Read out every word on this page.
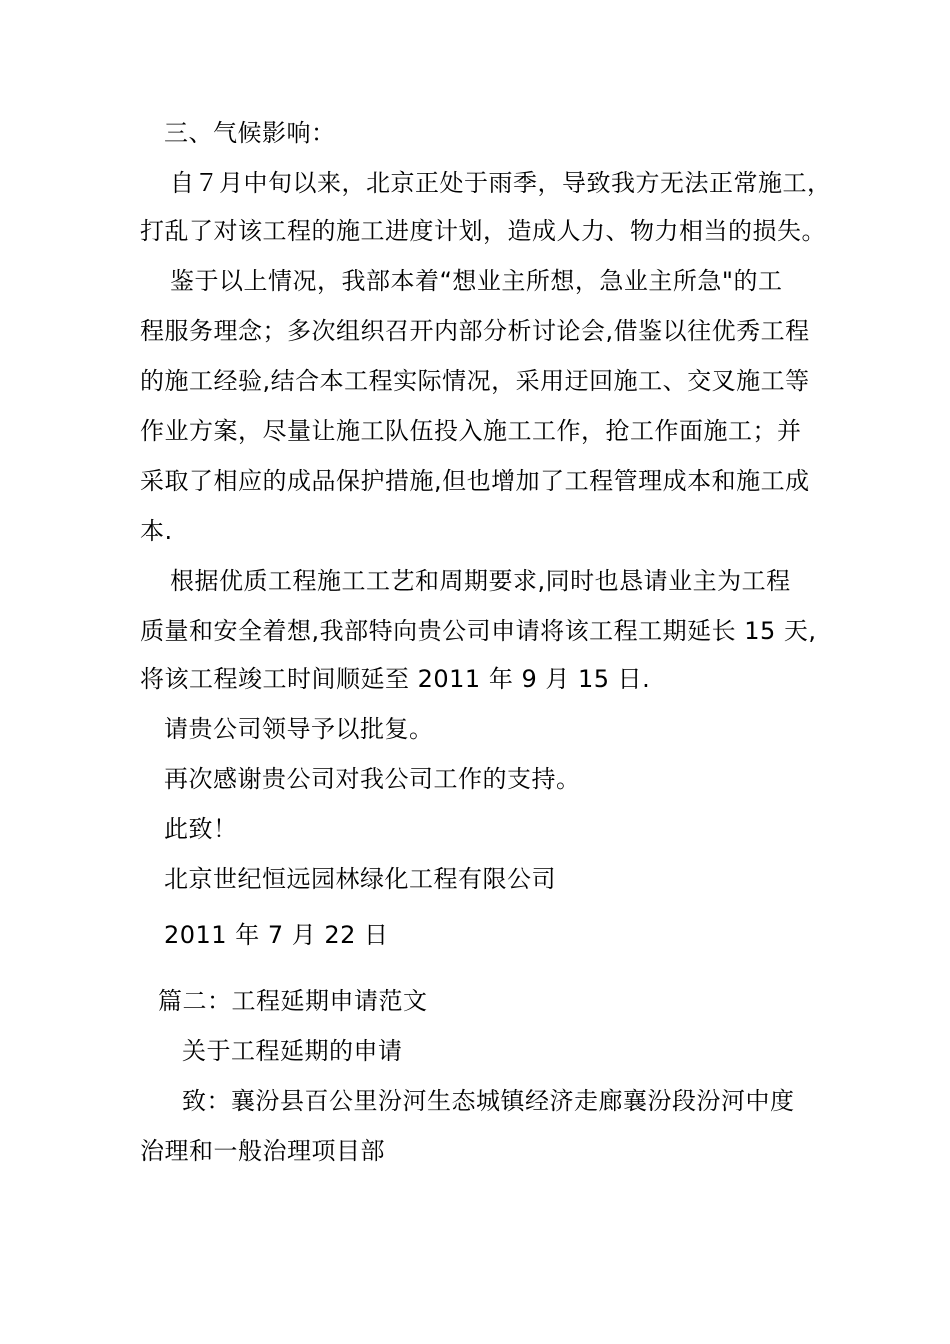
三、气候影响：
自７月中旬以来，北京正处于雨季，导致我方无法正常施工，
打乱了对该工程的施工进度计划，造成人力、物力相当的损失。
鉴于以上情况，我部本着“想业主所想，急业主所急"的工
程服务理念；多次组织召开内部分析讨论会,借鉴以往优秀工程
的施工经验,结合本工程实际情况，采用迂回施工、交叉施工等
作业方案，尽量让施工队伍投入施工工作，抢工作面施工；并
采取了相应的成品保护措施,但也增加了工程管理成本和施工成
本.
根据优质工程施工工艺和周期要求,同时也恳请业主为工程
质量和安全着想,我部特向贵公司申请将该工程工期延长 15 天,
将该工程竣工时间顺延至 2011 年 9 月 15 日.
请贵公司领导予以批复。
再次感谢贵公司对我公司工作的支持。
此致！
北京世纪恒远园林绿化工程有限公司
2011 年 7 月 22 日
篇二：工程延期申请范文
关于工程延期的申请
致：襄汾县百公里汾河生态城镇经济走廊襄汾段汾河中度
治理和一般治理项目部
